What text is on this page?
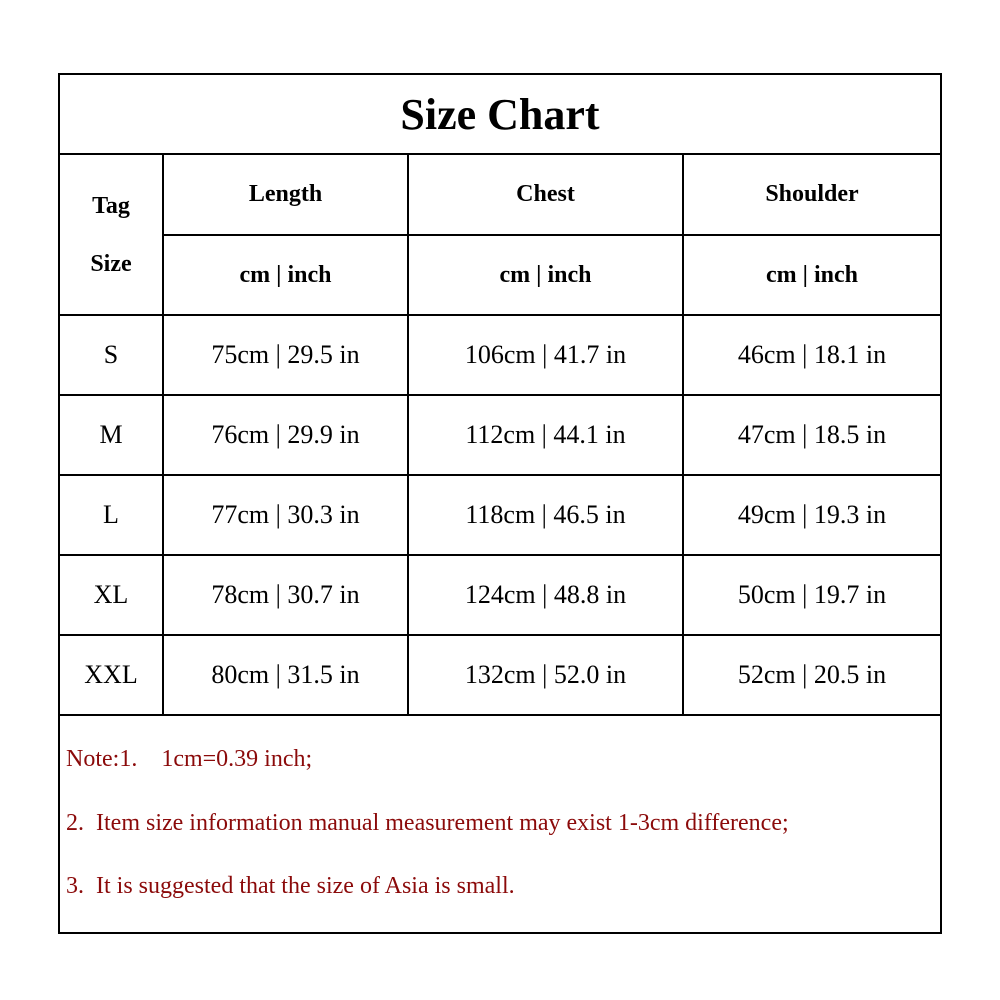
Size Chart
Tag
Size	Length	Chest	Shoulder
	cm | inch	cm | inch	cm | inch
S	75cm | 29.5 in	106cm | 41.7 in	46cm | 18.1 in
M	76cm | 29.9 in	112cm | 44.1 in	47cm | 18.5 in
L	77cm | 30.3 in	118cm | 46.5 in	49cm | 19.3 in
XL	78cm | 30.7 in	124cm | 48.8 in	50cm | 19.7 in
XXL	80cm | 31.5 in	132cm | 52.0 in	52cm | 20.5 in
Note:1.    1cm=0.39 inch;
2.  Item size information manual measurement may exist 1-3cm difference;
3.  It is suggested that the size of Asia is small.
